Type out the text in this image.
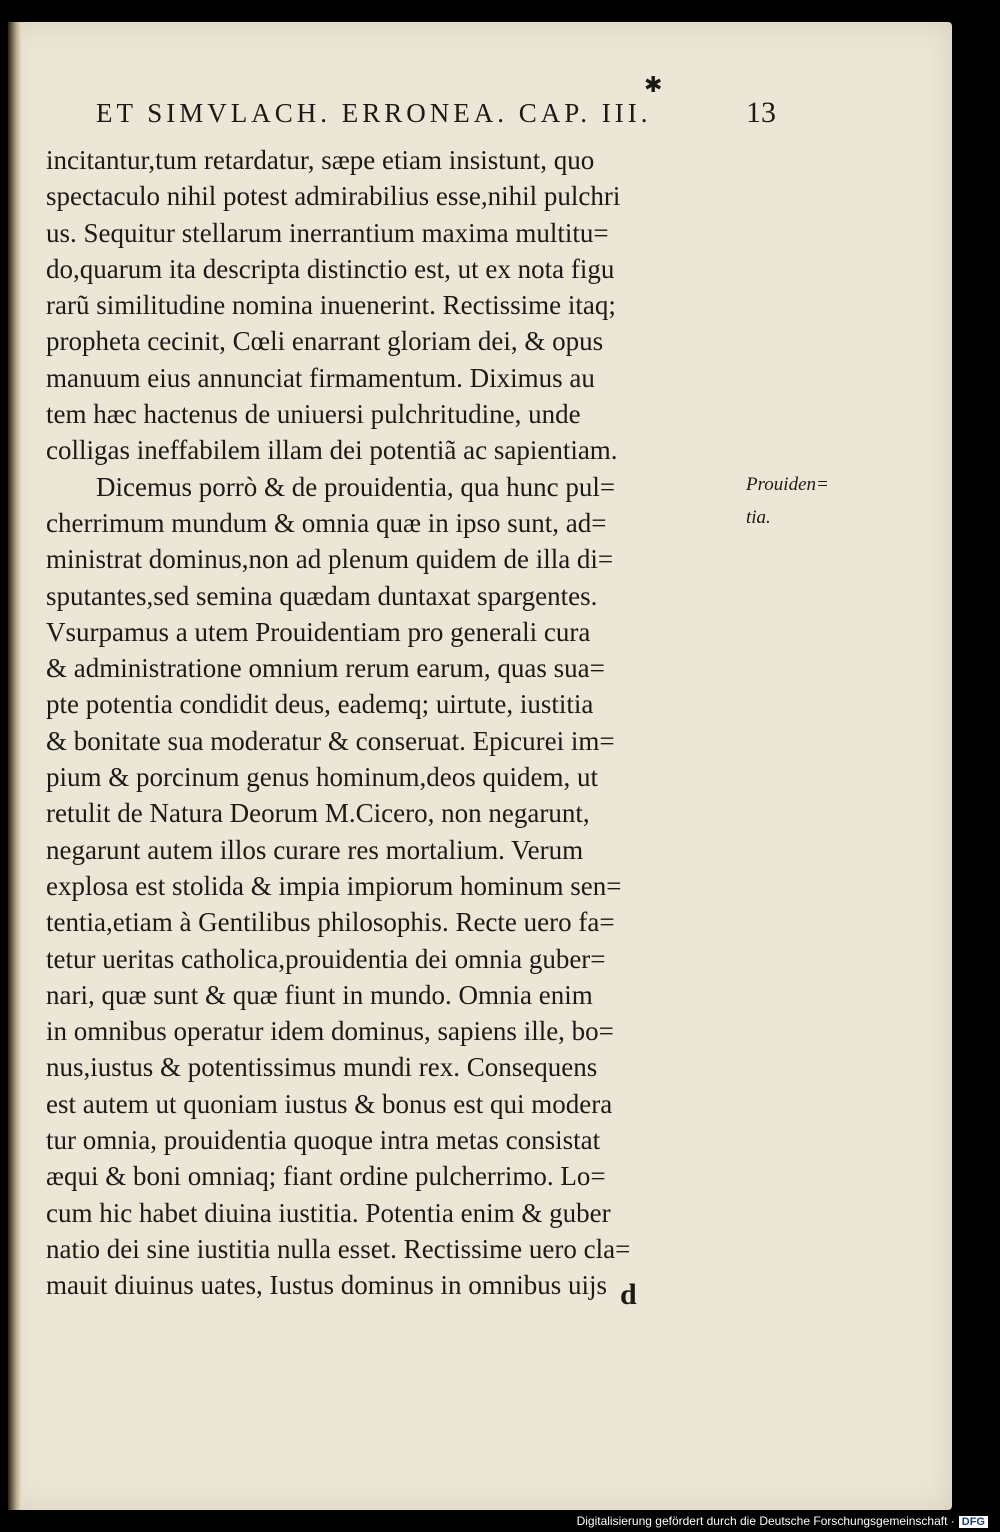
✱
ET SIMVLACH. ERRONEA. CAP. III.	13
incitantur,tum retardatur, sæpe etiam insistunt, quo
spectaculo nihil potest admirabilius esse,nihil pulchri
us. Sequitur stellarum inerrantium maxima multitu=
do,quarum ita descripta distinctio est, ut ex nota figu
rarũ similitudine nomina inuenerint. Rectissime itaq;
propheta cecinit, Cœli enarrant gloriam dei, & opus
manuum eius annunciat firmamentum. Diximus au
tem hæc hactenus de uniuersi pulchritudine, unde
colligas ineffabilem illam dei potentiã ac sapientiam.
Dicemus porrò & de prouidentia, qua hunc pul=
cherrimum mundum & omnia quæ in ipso sunt, ad=
ministrat dominus,non ad plenum quidem de illa di=
sputantes,sed semina quædam duntaxat spargentes.
Vsurpamus a utem Prouidentiam pro generali cura
& administratione omnium rerum earum, quas sua=
pte potentia condidit deus, eademq; uirtute, iustitia
& bonitate sua moderatur & conseruat. Epicurei im=
pium & porcinum genus hominum,deos quidem, ut
retulit de Natura Deorum M.Cicero, non negarunt,
negarunt autem illos curare res mortalium. Verum
explosa est stolida & impia impiorum hominum sen=
tentia,etiam à Gentilibus philosophis. Recte uero fa=
tetur ueritas catholica,prouidentia dei omnia guber=
nari, quæ sunt & quæ fiunt in mundo. Omnia enim
in omnibus operatur idem dominus, sapiens ille, bo=
nus,iustus & potentissimus mundi rex. Consequens
est autem ut quoniam iustus & bonus est qui modera
tur omnia, prouidentia quoque intra metas consistat
æqui & boni omniaq; fiant ordine pulcherrimo. Lo=
cum hic habet diuina iustitia. Potentia enim & guber
natio dei sine iustitia nulla esset. Rectissime uero cla=
mauit diuinus uates, Iustus dominus in omnibus uijs
Prouiden=
tia.
d
Digitalisierung gefördert durch die Deutsche Forschungsgemeinschaft · DFG
